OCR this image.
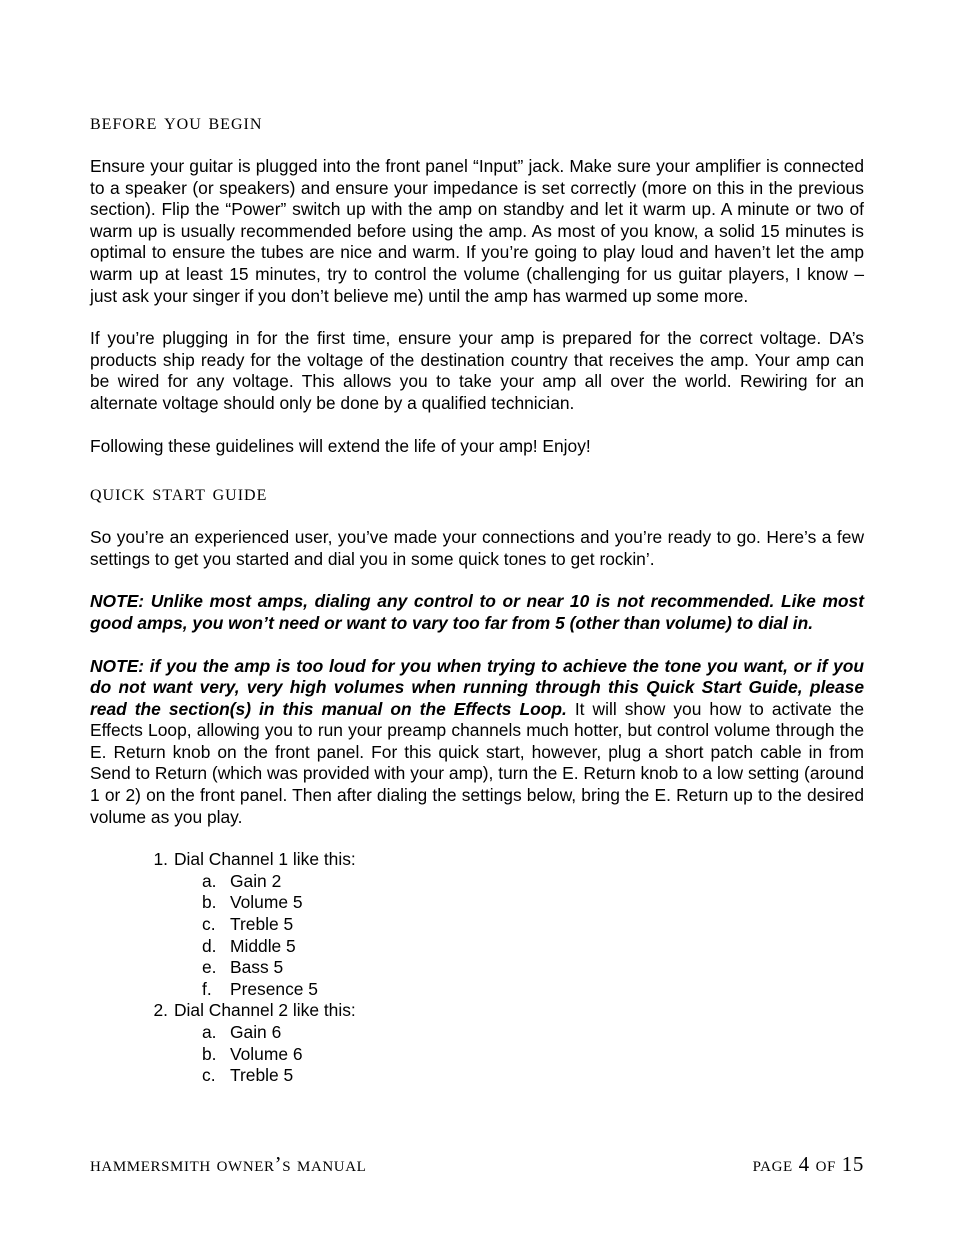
before you begin

Ensure your guitar is plugged into the front panel “Input” jack. Make sure your amplifier is connected to a speaker (or speakers) and ensure your impedance is set correctly (more on this in the previous section). Flip the “Power” switch up with the amp on standby and let it warm up. A minute or two of warm up is usually recommended before using the amp. As most of you know, a solid 15 minutes is optimal to ensure the tubes are nice and warm. If you’re going to play loud and haven’t let the amp warm up at least 15 minutes, try to control the volume (challenging for us guitar players, I know – just ask your singer if you don’t believe me) until the amp has warmed up some more.

If you’re plugging in for the first time, ensure your amp is prepared for the correct voltage. DA’s products ship ready for the voltage of the destination country that receives the amp. Your amp can be wired for any voltage. This allows you to take your amp all over the world. Rewiring for an alternate voltage should only be done by a qualified technician.

Following these guidelines will extend the life of your amp! Enjoy!

quick start guide

So you’re an experienced user, you’ve made your connections and you’re ready to go. Here’s a few settings to get you started and dial you in some quick tones to get rockin’.

NOTE: Unlike most amps, dialing any control to or near 10 is not recommended. Like most good amps, you won’t need or want to vary too far from 5 (other than volume) to dial in.

NOTE: if you the amp is too loud for you when trying to achieve the tone you want, or if you do not want very, very high volumes when running through this Quick Start Guide, please read the section(s) in this manual on the Effects Loop. It will show you how to activate the Effects Loop, allowing you to run your preamp channels much hotter, but control volume through the E. Return knob on the front panel. For this quick start, however, plug a short patch cable in from Send to Return (which was provided with your amp), turn the E. Return knob to a low setting (around 1 or 2) on the front panel. Then after dialing the settings below, bring the E. Return up to the desired volume as you play.

1. Dial Channel 1 like this:
a. Gain 2
b. Volume 5
c. Treble 5
d. Middle 5
e. Bass 5
f.	Presence 5
2. Dial Channel 2 like this:
a. Gain 6
b. Volume 6
c. Treble 5
hammersmith owner’s manual	page 4 of 15
